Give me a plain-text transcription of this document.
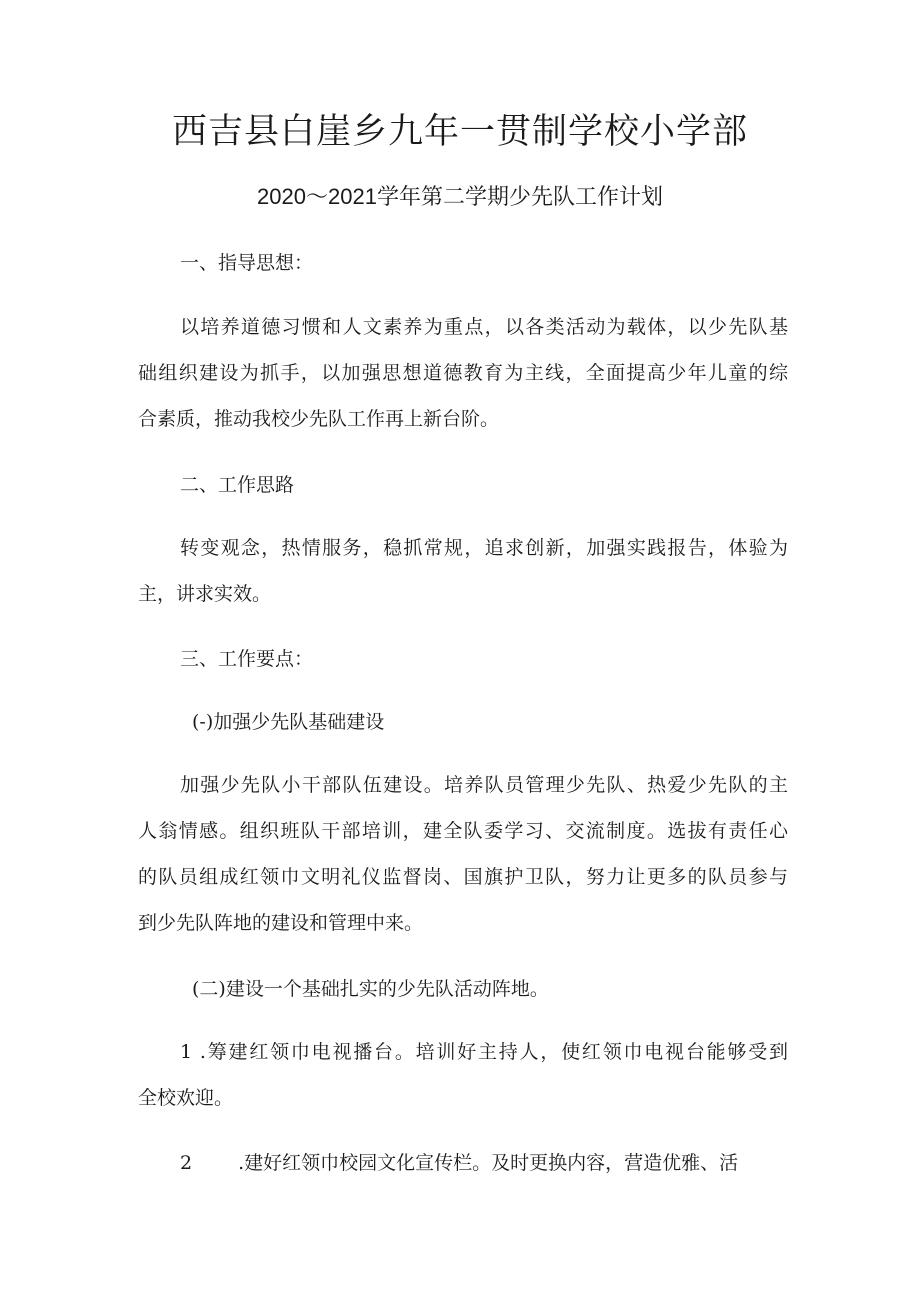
西吉县白崖乡九年一贯制学校小学部
2020～2021学年第二学期少先队工作计划

一、指导思想：

以培养道德习惯和人文素养为重点，以各类活动为载体，以少先队基

础组织建设为抓手，以加强思想道德教育为主线，全面提高少年儿童的综

合素质，推动我校少先队工作再上新台阶。

二、工作思路

转变观念，热情服务，稳抓常规，追求创新，加强实践报告，体验为

主，讲求实效。

三、工作要点：

(-)加强少先队基础建设

加强少先队小干部队伍建设。培养队员管理少先队、热爱少先队的主

人翁情感。组织班队干部培训，建全队委学习、交流制度。选拔有责任心

的队员组成红领巾文明礼仪监督岗、国旗护卫队，努力让更多的队员参与

到少先队阵地的建设和管理中来。

(二)建设一个基础扎实的少先队活动阵地。

1 .筹建红领巾电视播台。培训好主持人，使红领巾电视台能够受到

全校欢迎。

2 .建好红领巾校园文化宣传栏。及时更换内容，营造优雅、活
